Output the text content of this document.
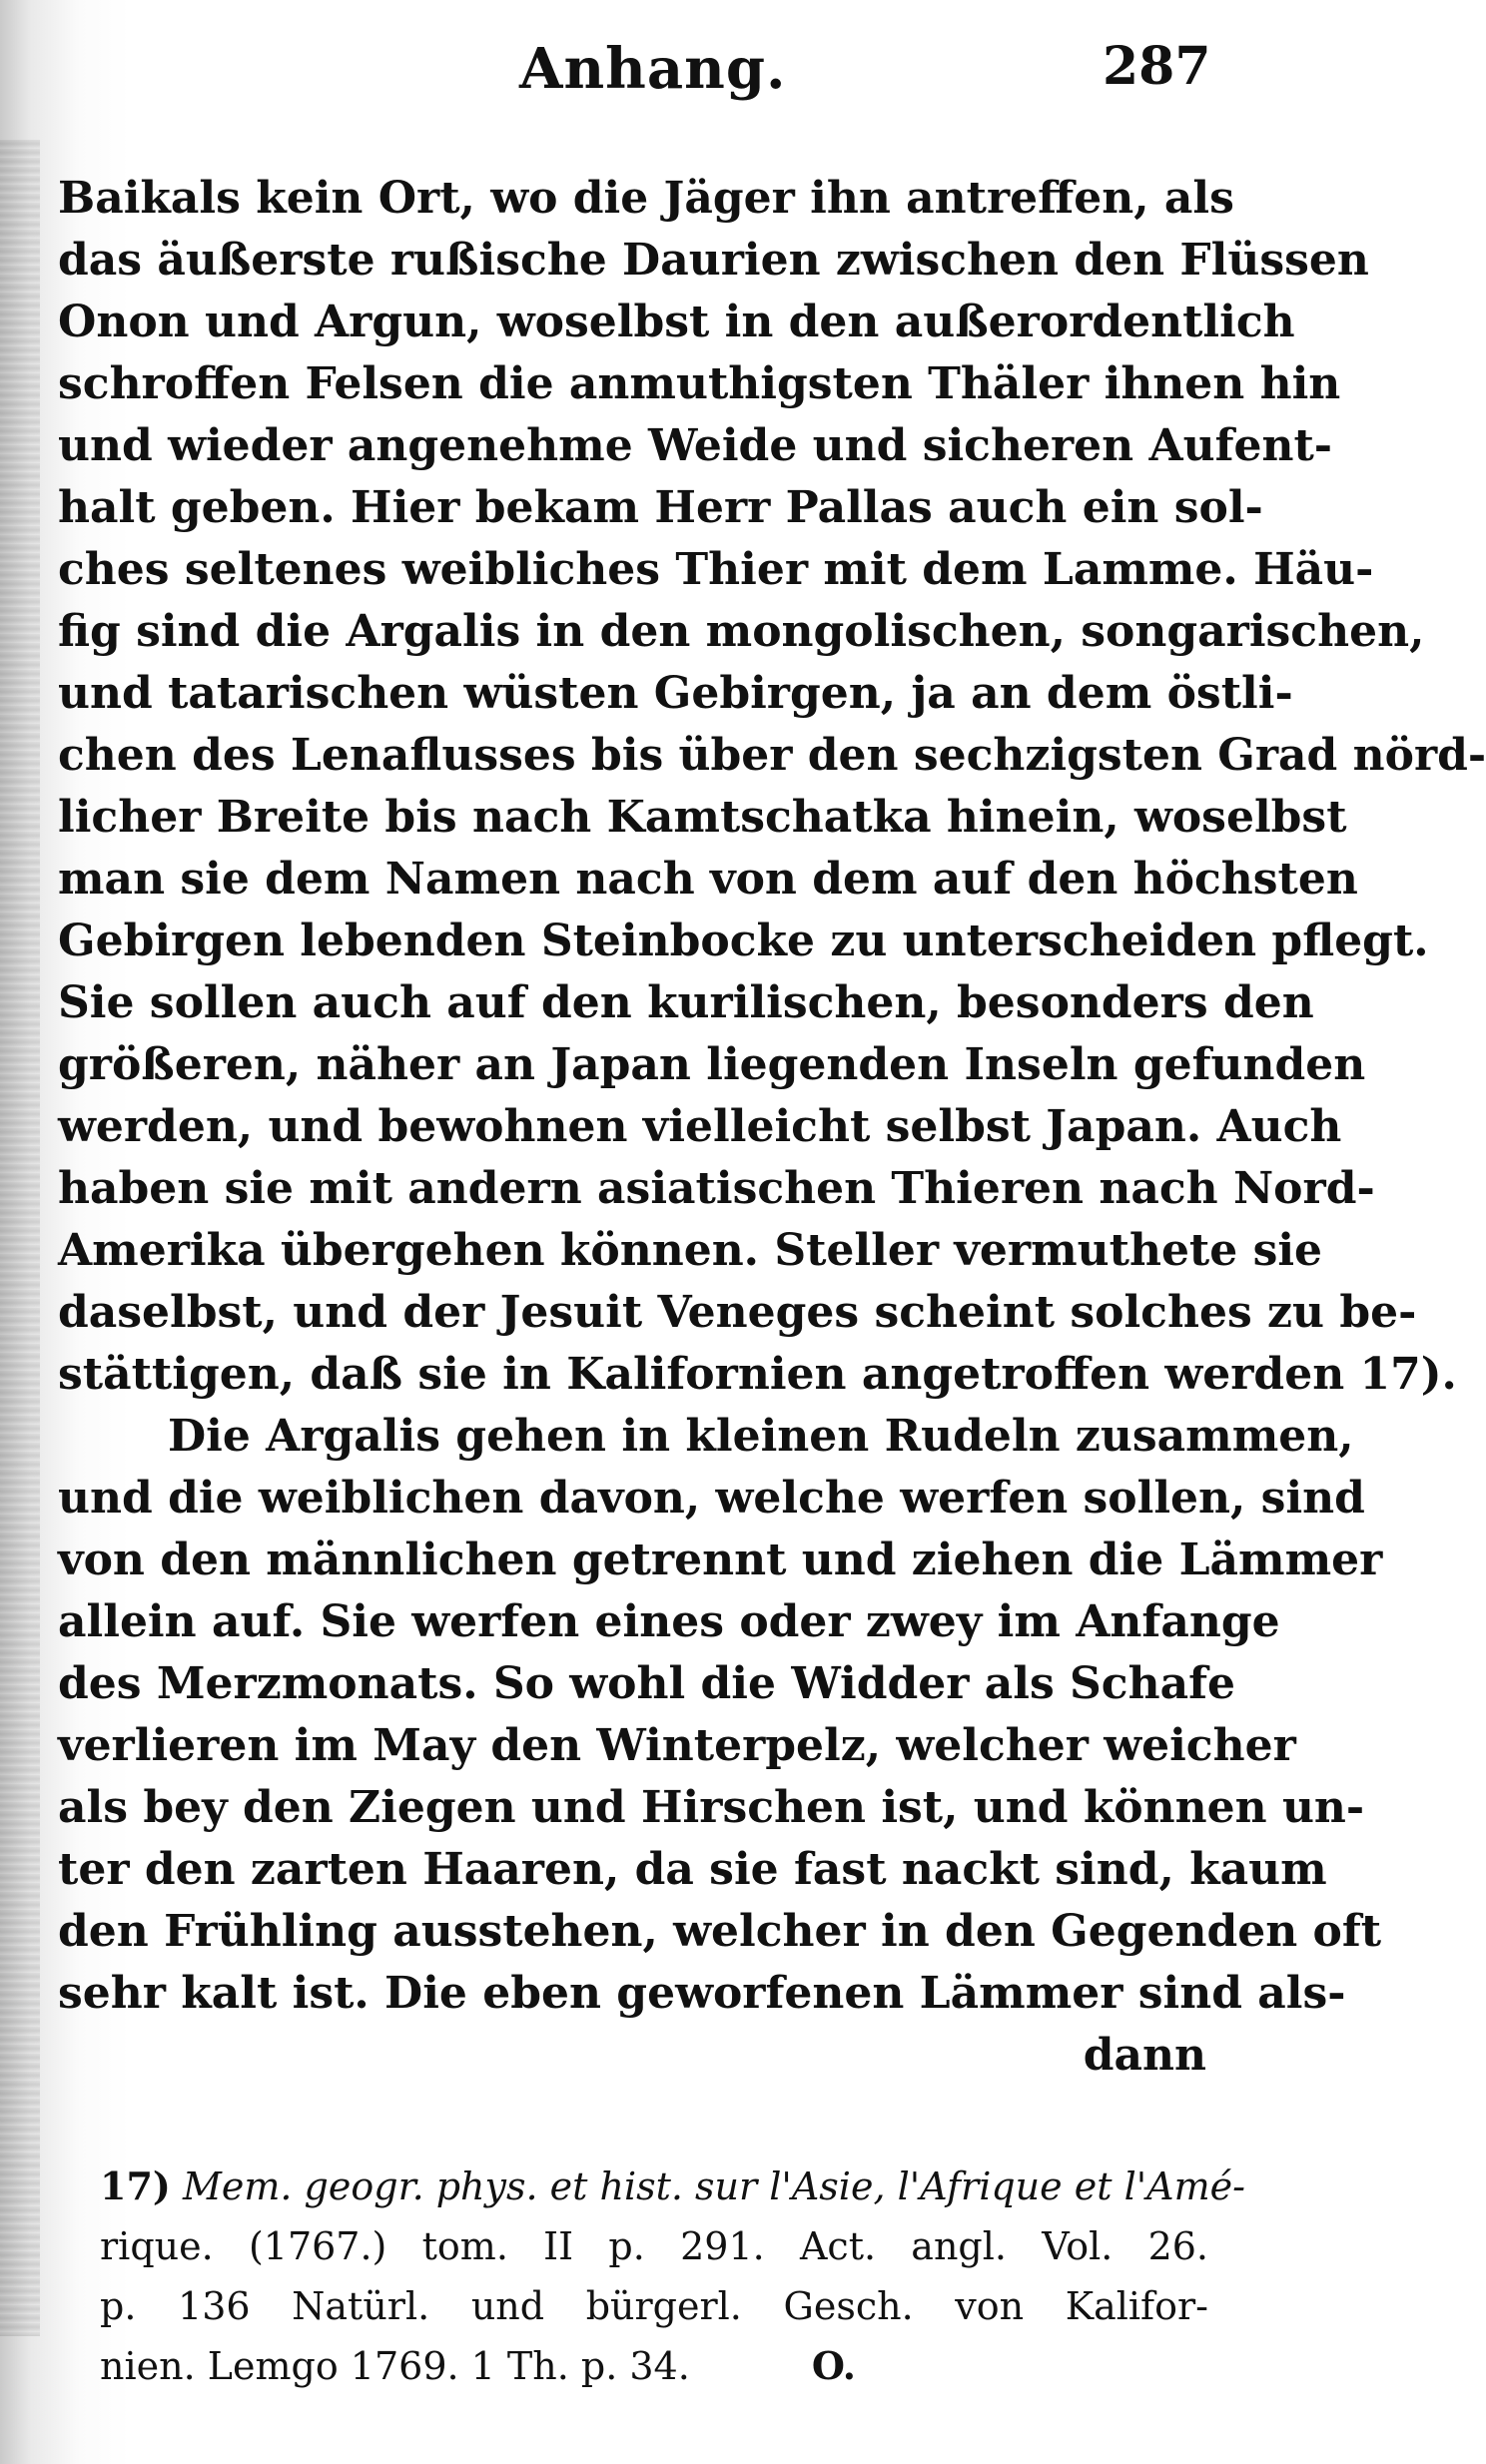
Anhang.	287
Baikals kein Ort, wo die Jäger ihn antreffen, als
das äußerste rußische Daurien zwischen den Flüssen
Onon und Argun, woselbst in den außerordentlich
schroffen Felsen die anmuthigsten Thäler ihnen hin
und wieder angenehme Weide und sicheren Aufent-
halt geben. Hier bekam Herr Pallas auch ein sol-
ches seltenes weibliches Thier mit dem Lamme. Häu-
fig sind die Argalis in den mongolischen, songarischen,
und tatarischen wüsten Gebirgen, ja an dem östli-
chen des Lenaflusses bis über den sechzigsten Grad nörd-
licher Breite bis nach Kamtschatka hinein, woselbst
man sie dem Namen nach von dem auf den höchsten
Gebirgen lebenden Steinbocke zu unterscheiden pflegt.
Sie sollen auch auf den kurilischen, besonders den
größeren, näher an Japan liegenden Inseln gefunden
werden, und bewohnen vielleicht selbst Japan. Auch
haben sie mit andern asiatischen Thieren nach Nord-
Amerika übergehen können. Steller vermuthete sie
daselbst, und der Jesuit Veneges scheint solches zu be-
stättigen, daß sie in Kalifornien angetroffen werden 17).
Die Argalis gehen in kleinen Rudeln zusammen,
und die weiblichen davon, welche werfen sollen, sind
von den männlichen getrennt und ziehen die Lämmer
allein auf. Sie werfen eines oder zwey im Anfange
des Merzmonats. So wohl die Widder als Schafe
verlieren im May den Winterpelz, welcher weicher
als bey den Ziegen und Hirschen ist, und können un-
ter den zarten Haaren, da sie fast nackt sind, kaum
den Frühling ausstehen, welcher in den Gegenden oft
sehr kalt ist. Die eben geworfenen Lämmer sind als-
dann
17) Mem. geogr. phys. et hist. sur l'Asie, l'Afrique et l'Amé-
rique. (1767.) tom. II p. 291. Act. angl. Vol. 26.
p. 136 Natürl. und bürgerl. Gesch. von Kalifor-
nien. Lemgo 1769. 1 Th. p. 34.	O.
